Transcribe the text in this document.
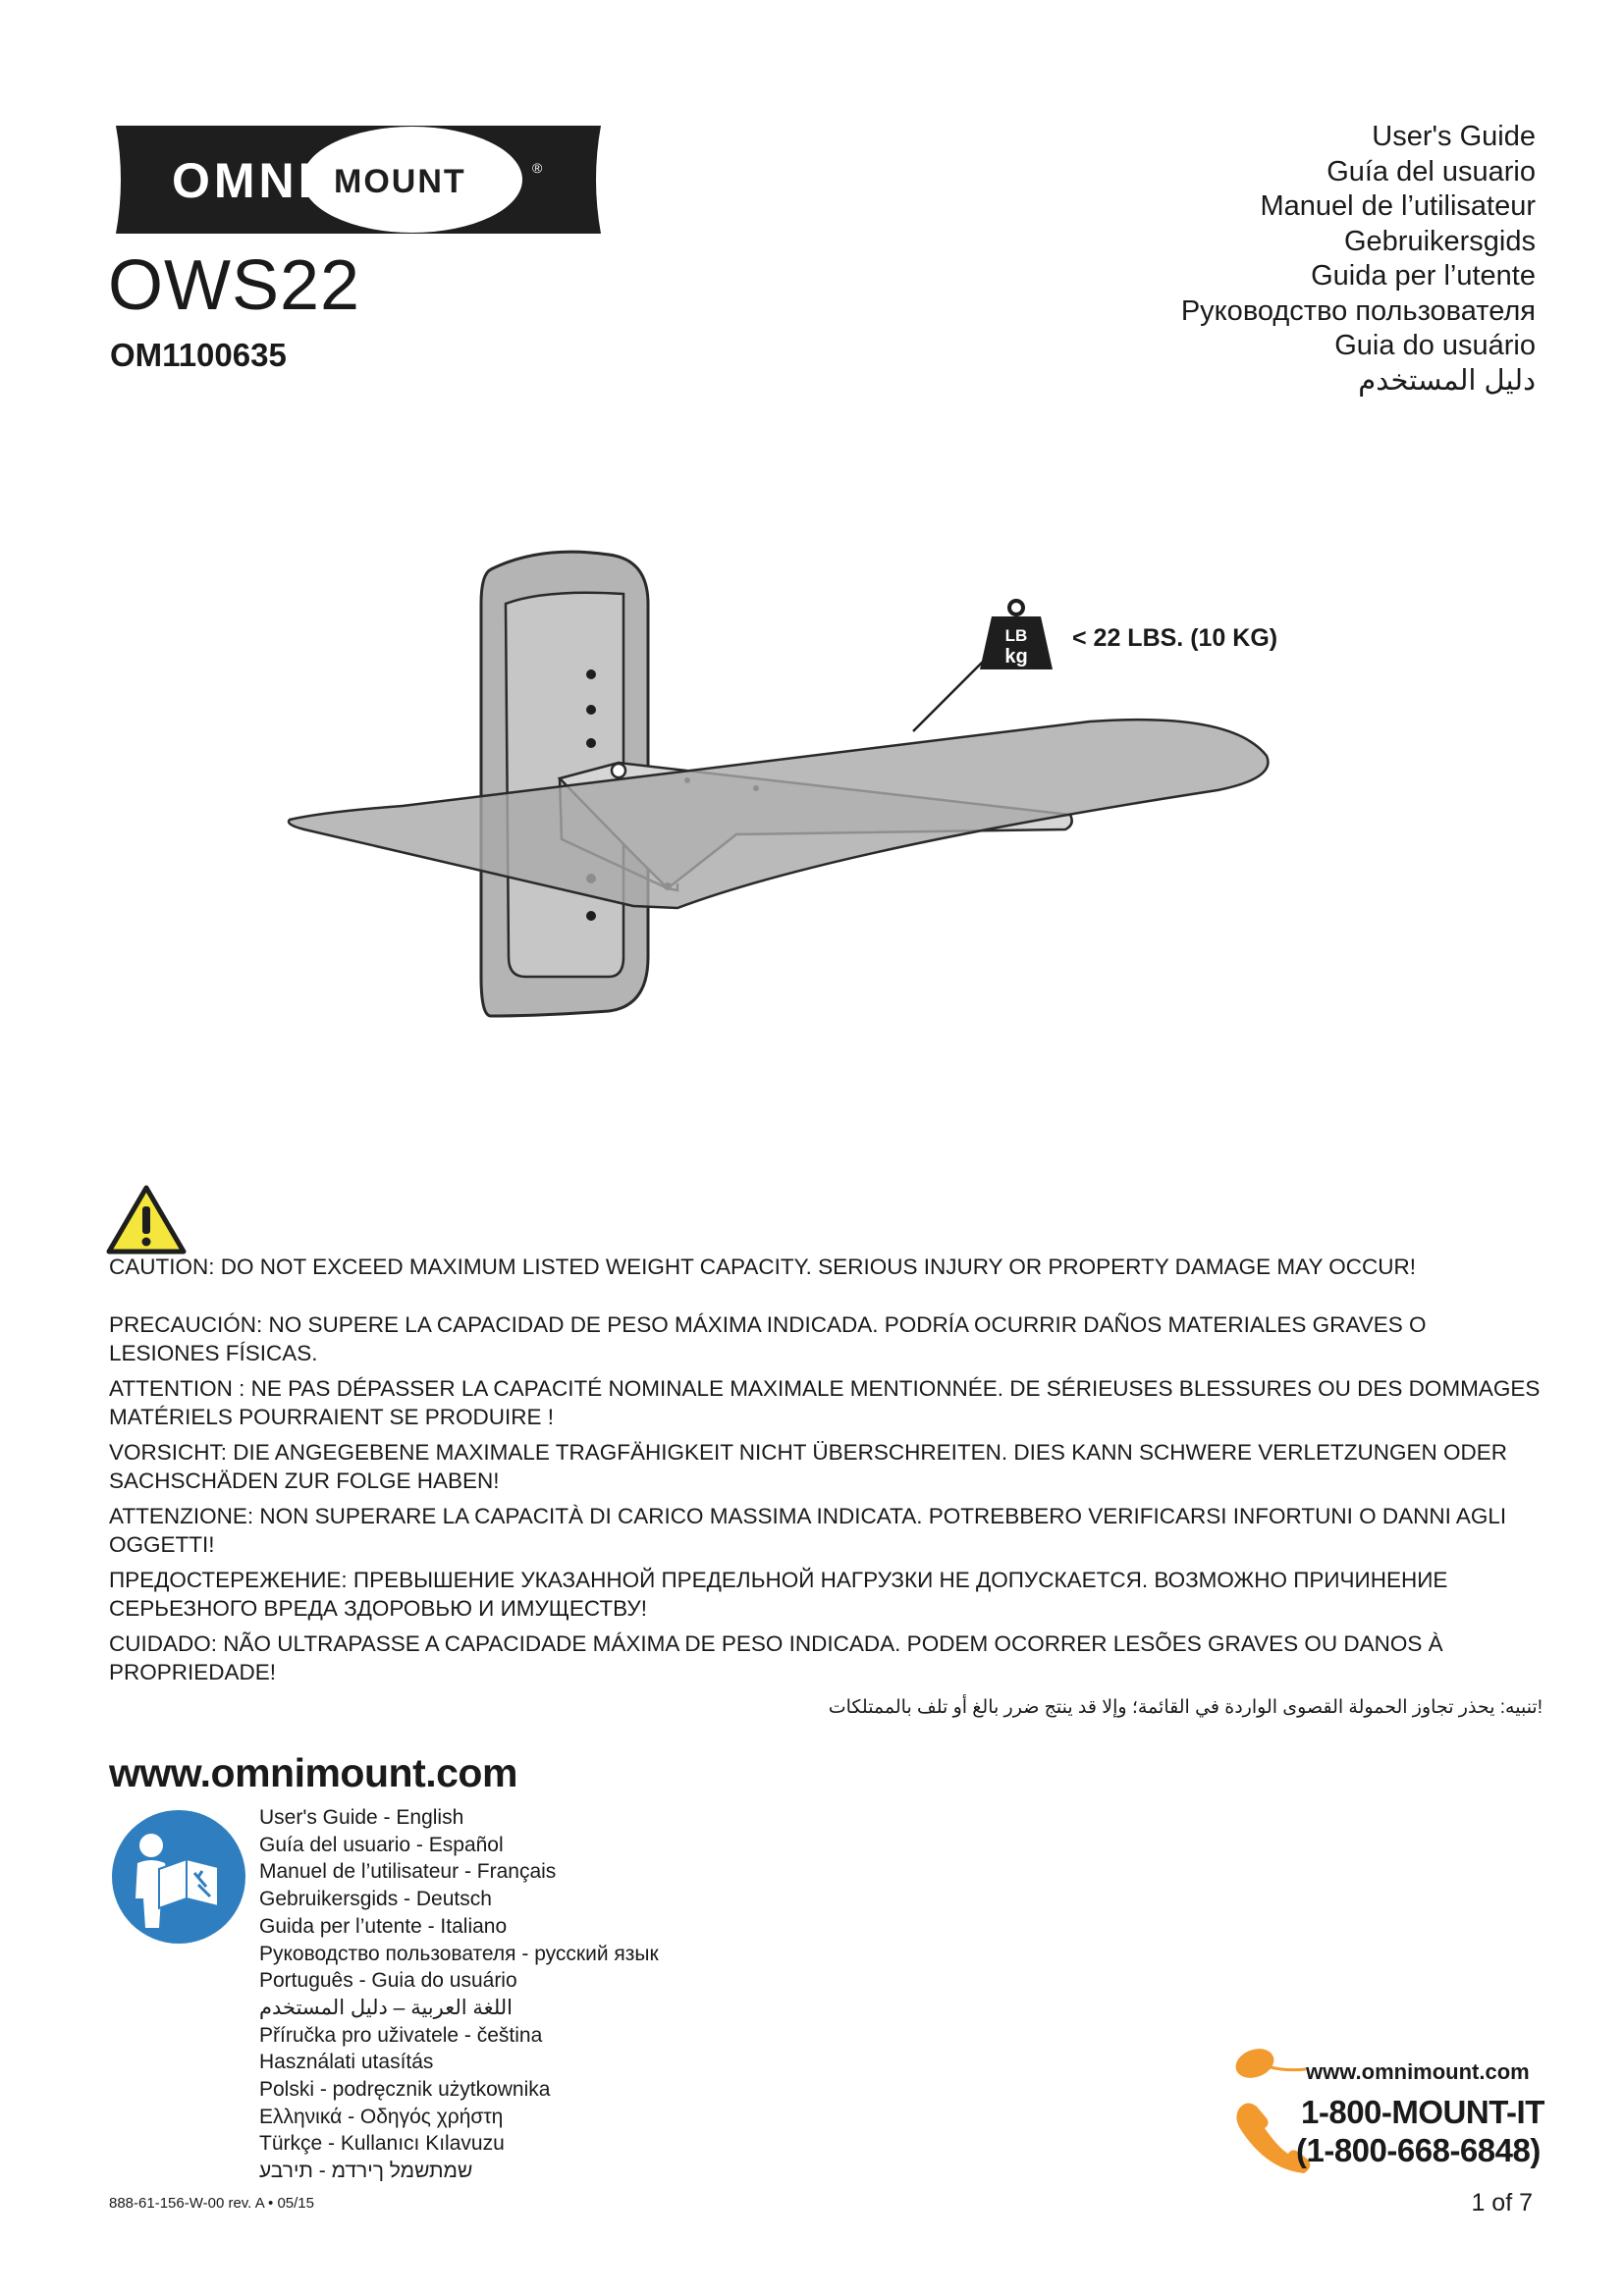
OMNI MOUNT	®
OWS22
OM1100635
User's Guide
Guía del usuario
Manuel de l’utilisateur
Gebruikersgids
Guida per l’utente
Руководство пользователя
Guia do usuário
دليل المستخدم
LB
kg
< 22 LBS. (10 KG)
CAUTION: DO NOT EXCEED MAXIMUM LISTED WEIGHT CAPACITY. SERIOUS INJURY OR PROPERTY DAMAGE MAY OCCUR!
PRECAUCIÓN: NO SUPERE LA CAPACIDAD DE PESO MÁXIMA INDICADA. PODRÍA OCURRIR DAÑOS MATERIALES GRAVES O LESIONES FÍSICAS.
ATTENTION : NE PAS DÉPASSER LA CAPACITÉ NOMINALE MAXIMALE MENTIONNÉE. DE SÉRIEUSES BLESSURES OU DES DOMMAGES MATÉRIELS POURRAIENT SE PRODUIRE !
VORSICHT: DIE ANGEGEBENE MAXIMALE TRAGFÄHIGKEIT NICHT ÜBERSCHREITEN. DIES KANN SCHWERE VERLETZUNGEN ODER SACHSCHÄDEN ZUR FOLGE HABEN!
ATTENZIONE: NON SUPERARE LA CAPACITÀ DI CARICO MASSIMA INDICATA. POTREBBERO VERIFICARSI INFORTUNI O DANNI AGLI OGGETTI!
ПРЕДОСТЕРЕЖЕНИЕ: ПРЕВЫШЕНИЕ УКАЗАННОЙ ПРЕДЕЛЬНОЙ НАГРУЗКИ НЕ ДОПУСКАЕТСЯ. ВОЗМОЖНО ПРИЧИНЕНИЕ СЕРЬЕЗНОГО ВРЕДА ЗДОРОВЬЮ И ИМУЩЕСТВУ!
CUIDADO: NÃO ULTRAPASSE A CAPACIDADE MÁXIMA DE PESO INDICADA. PODEM OCORRER LESÕES GRAVES OU DANOS À PROPRIEDADE!
!تنبيه: يحذر تجاوز الحمولة القصوى الواردة في القائمة؛ وإلا قد ينتج ضرر بالغ أو تلف بالممتلكات
www.omnimount.com
User's Guide - English
Guía del usuario - Español
Manuel de l’utilisateur - Français
Gebruikersgids - Deutsch
Guida per l’utente - Italiano
Руководство пользователя - русский язык
Português - Guia do usuário
اللغة العربية – دليل المستخدم
Příručka pro uživatele - čeština
Használati utasítás
Polski - podręcznik użytkownika
Ελληνικά - Οδηγός χρήστη
Türkçe - Kullanıcı Kılavuzu
שמתשמל ךירדמ - תירבע
www.omnimount.com
1-800-MOUNT-IT
(1-800-668-6848)
888-61-156-W-00 rev. A • 05/15	1 of 7
